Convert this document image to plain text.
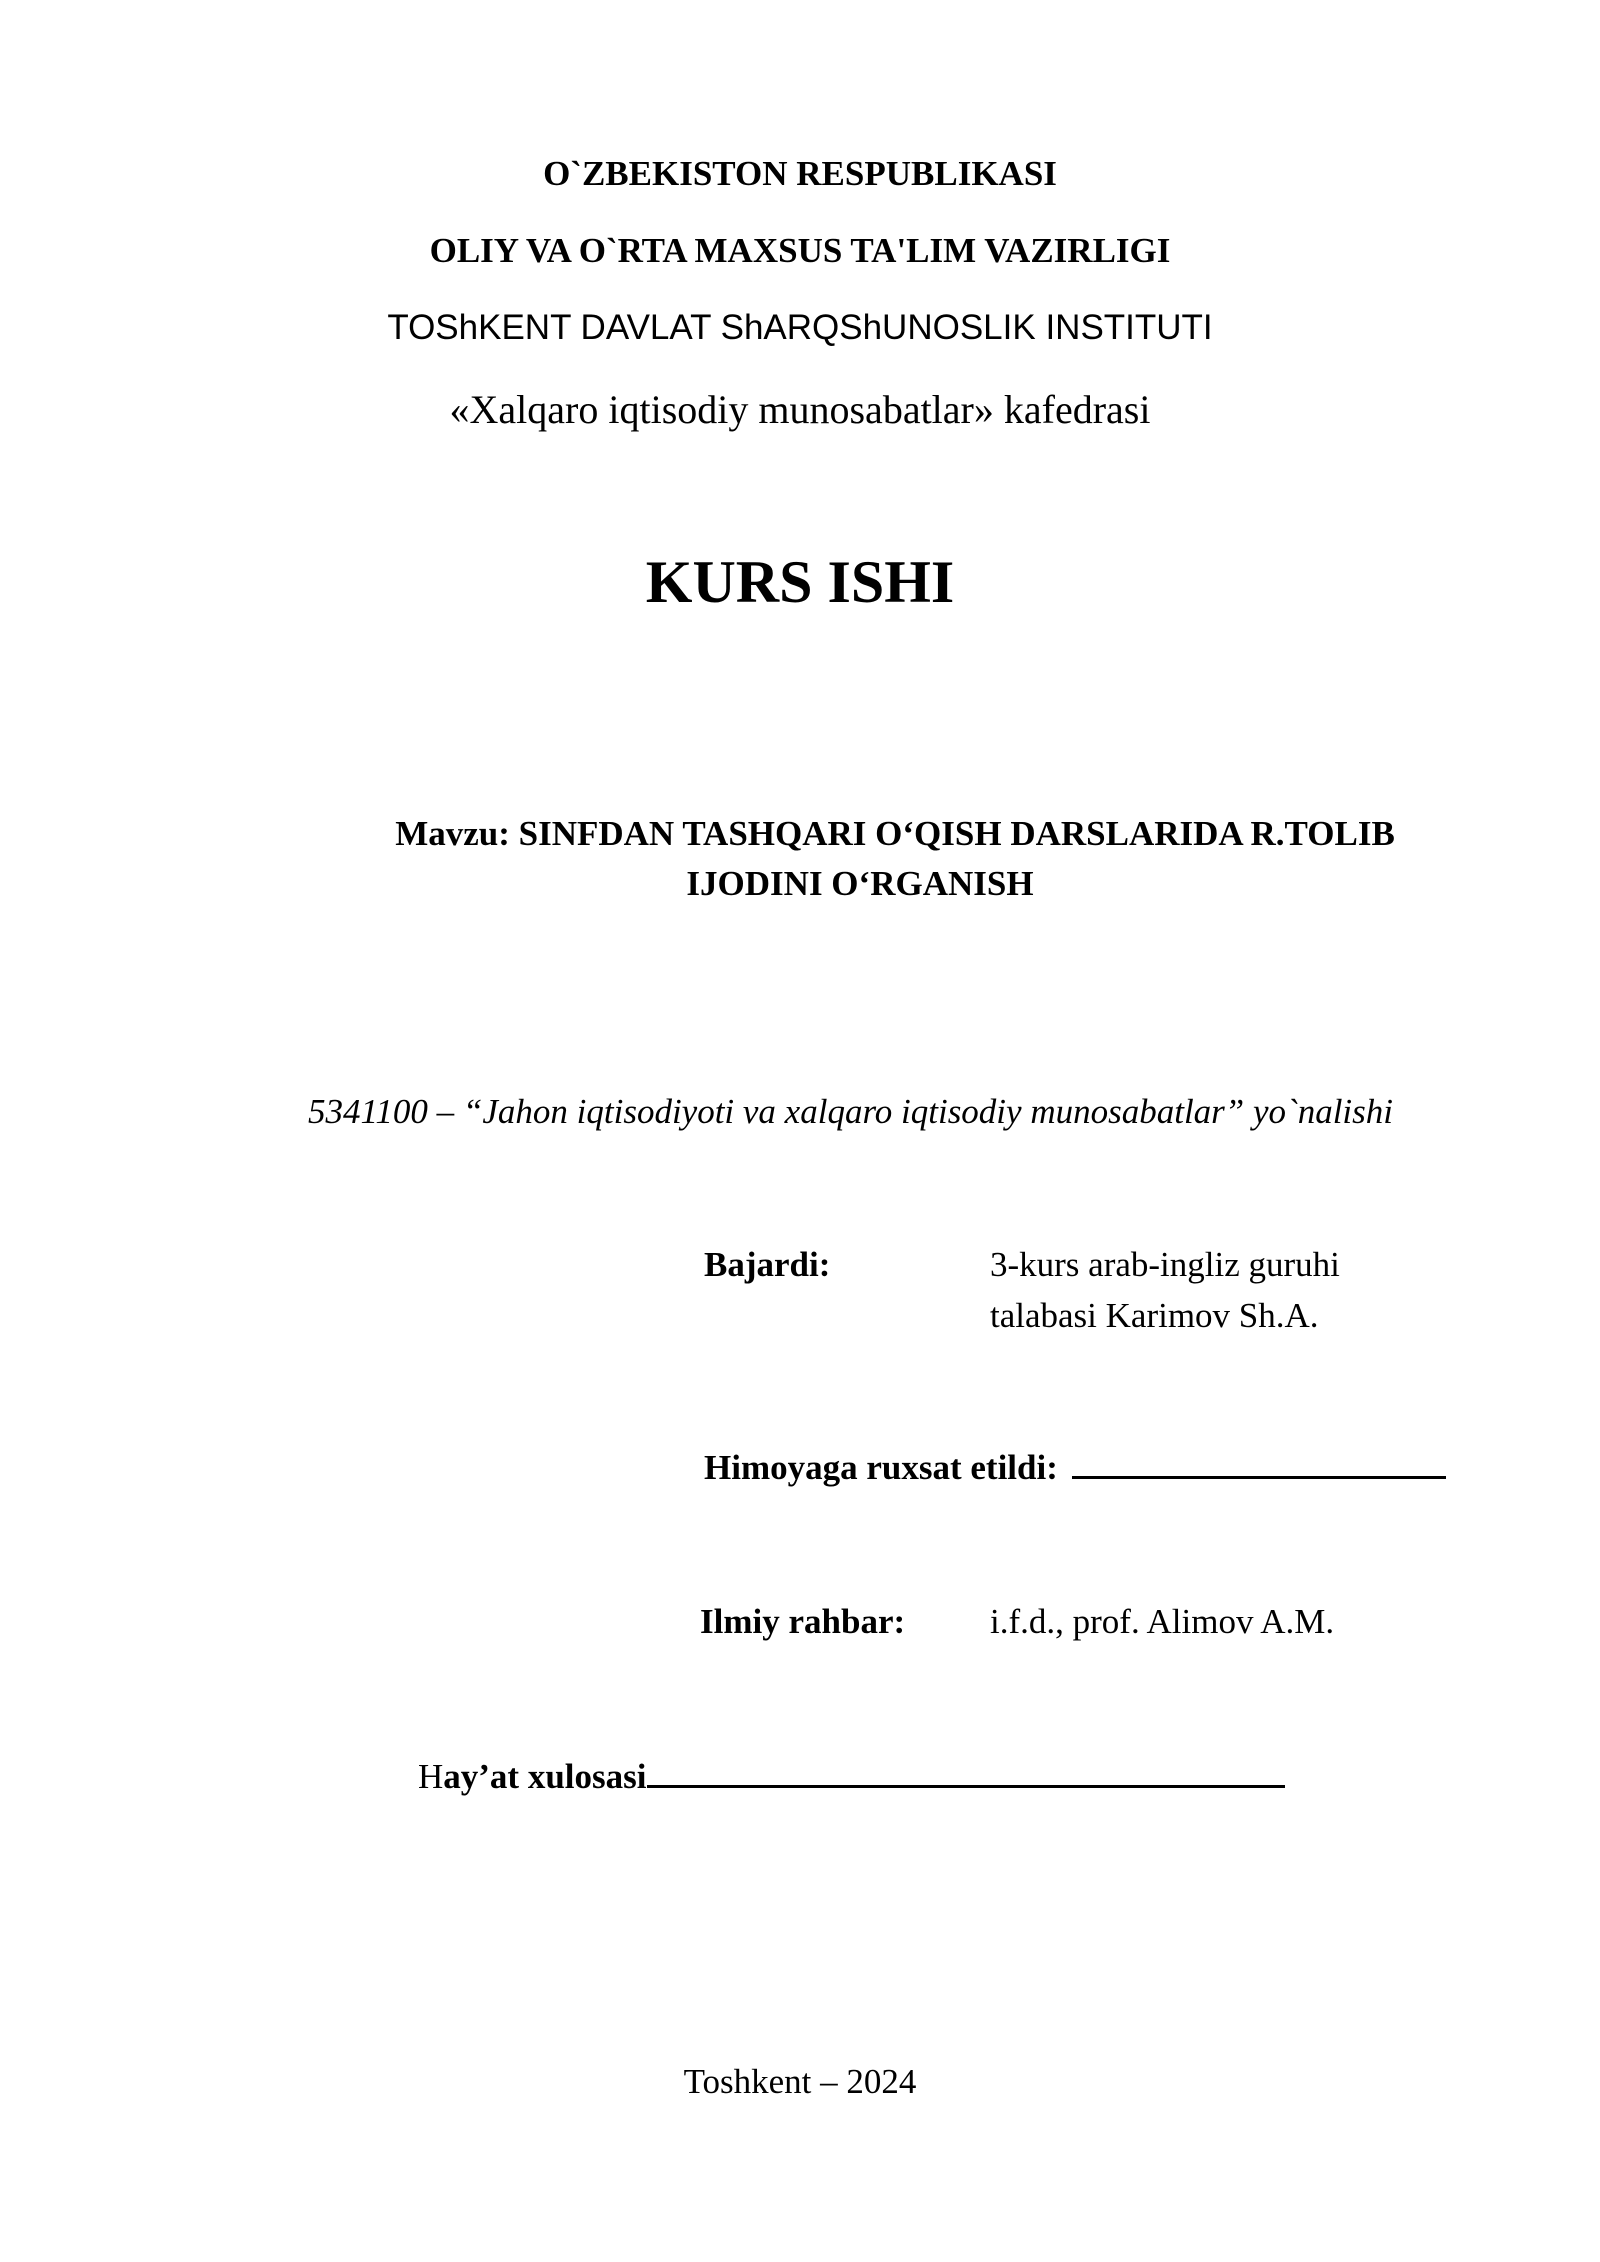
O`ZBEKISTON RESPUBLIKASI
OLIY VA O`RTA MAXSUS TA'LIM VAZIRLIGI
TOShKENT DAVLAT ShARQShUNOSLIK INSTITUTI
«Xalqaro iqtisodiy munosabatlar» kafedrasi
KURS ISHI
Mavzu: SINFDAN TASHQARI O‘QISH DARSLARIDA R.TOLIB
IJODINI O‘RGANISH
5341100 – “Jahon iqtisodiyoti va xalqaro iqtisodiy munosabatlar” yo`nalishi
Bajardi:	3-kurs arab-ingliz guruhi
talabasi Karimov Sh.A.
Himoyaga ruxsat etildi:
Ilmiy rahbar: i.f.d., prof. Alimov A.M.
Hay’at xulosasi
Toshkent – 2024
